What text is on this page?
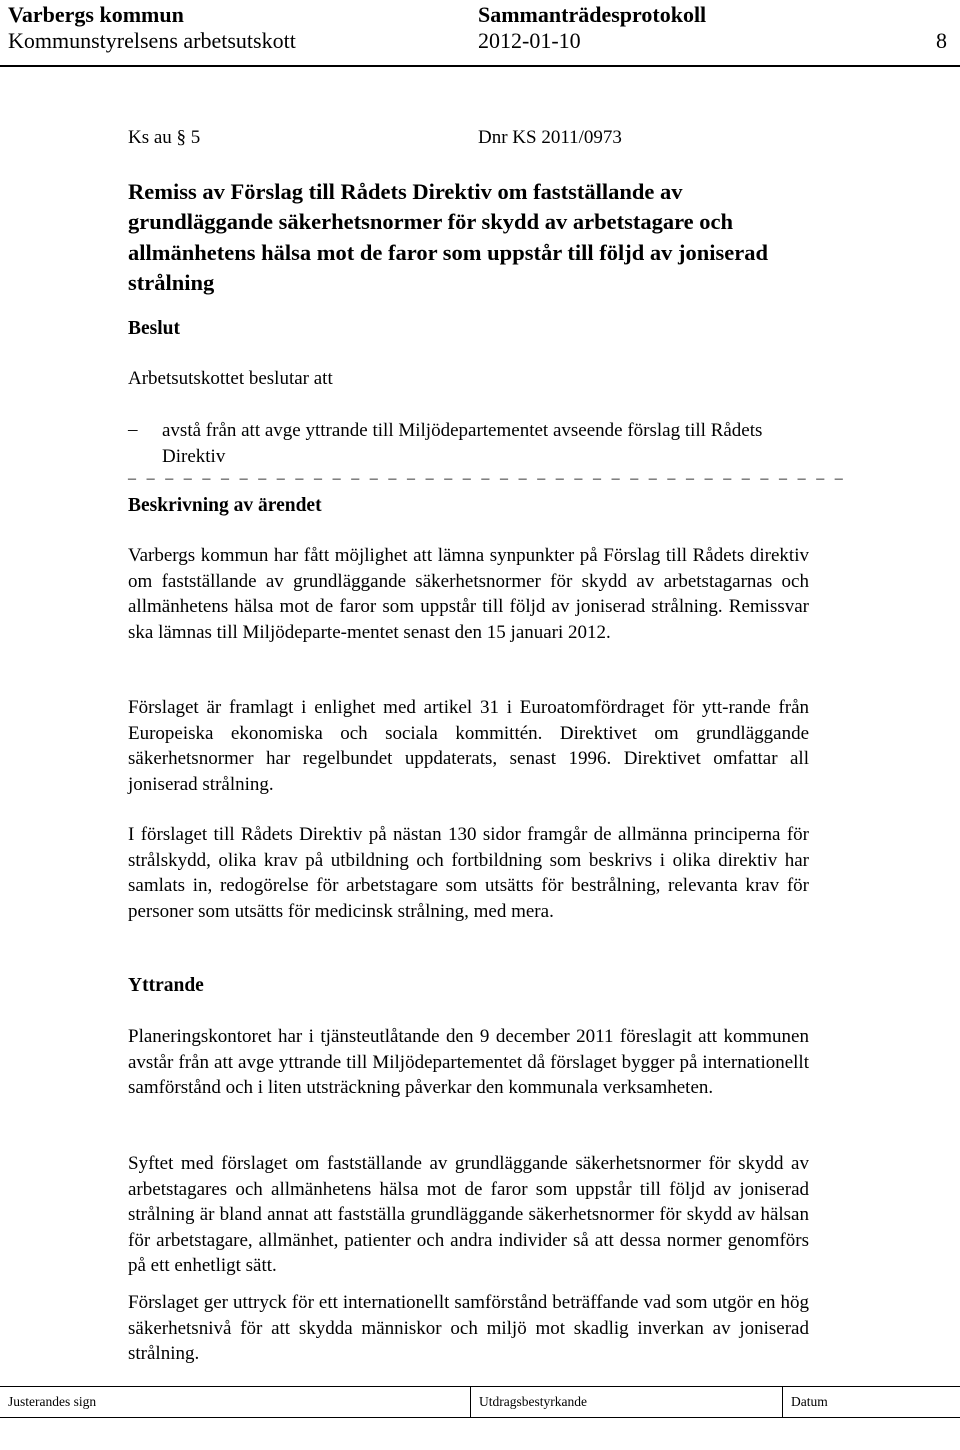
Varbergs kommun	Sammanträdesprotokoll
Kommunstyrelsens arbetsutskott	2012-01-10	8
Ks au § 5	Dnr KS 2011/0973
Remiss av Förslag till Rådets Direktiv om fastställande av grundläggande säkerhetsnormer för skydd av arbetstagare och allmänhetens hälsa mot de faror som uppstår till följd av joniserad strålning
Beslut
Arbetsutskottet beslutar att
– avstå från att avge yttrande till Miljödepartementet avseende förslag till Rådets Direktiv
– – – – – – – – – – – – – – – – – – – – – – – – – – – – – – – – – – – – – – –
Beskrivning av ärendet
Varbergs kommun har fått möjlighet att lämna synpunkter på Förslag till Rådets direktiv om fastställande av grundläggande säkerhetsnormer för skydd av arbetstagarnas och allmänhetens hälsa mot de faror som uppstår till följd av joniserad strålning. Remissvar ska lämnas till Miljödeparte-mentet senast den 15 januari 2012.
Förslaget är framlagt i enlighet med artikel 31 i Euroatomfördraget för ytt-rande från Europeiska ekonomiska och sociala kommittén. Direktivet om grundläggande säkerhetsnormer har regelbundet uppdaterats, senast 1996. Direktivet omfattar all joniserad strålning.
I förslaget till Rådets Direktiv på nästan 130 sidor framgår de allmänna principerna för strålskydd, olika krav på utbildning och fortbildning som beskrivs i olika direktiv har samlats in, redogörelse för arbetstagare som utsätts för bestrålning, relevanta krav för personer som utsätts för medicinsk strålning, med mera.
Yttrande
Planeringskontoret har i tjänsteutlåtande den 9 december 2011 föreslagit att kommunen avstår från att avge yttrande till Miljödepartementet då förslaget bygger på internationellt samförstånd och i liten utsträckning påverkar den kommunala verksamheten.
Syftet med förslaget om fastställande av grundläggande säkerhetsnormer för skydd av arbetstagares och allmänhetens hälsa mot de faror som uppstår till följd av joniserad strålning är bland annat att fastställa grundläggande säkerhetsnormer för skydd av hälsan för arbetstagare, allmänhet, patienter och andra individer så att dessa normer genomförs på ett enhetligt sätt.
Förslaget ger uttryck för ett internationellt samförstånd beträffande vad som utgör en hög säkerhetsnivå för att skydda människor och miljö mot skadlig inverkan av joniserad strålning.
Justerandes sign	Utdragsbestyrkande	Datum
